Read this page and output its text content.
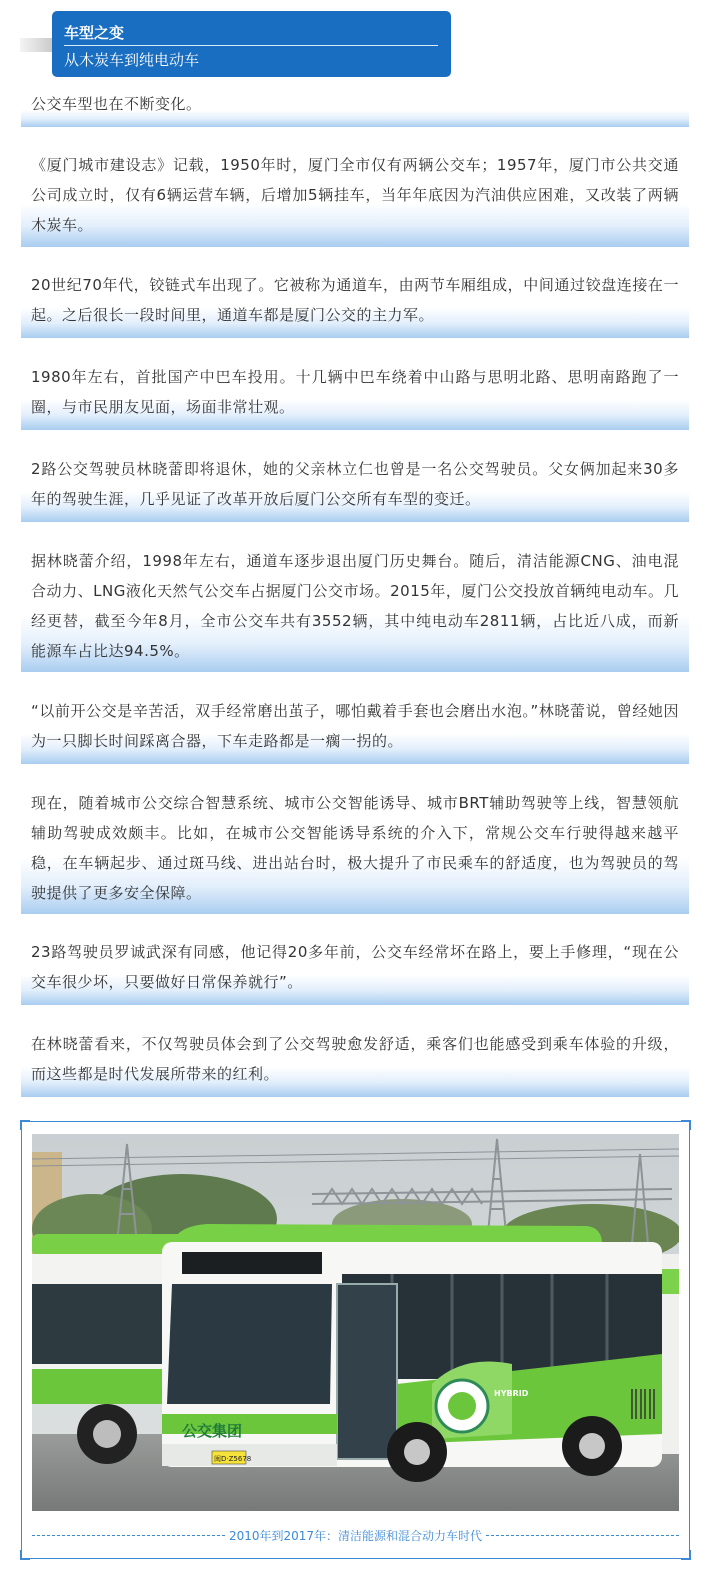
车型之变
从木炭车到纯电动车

公交车型也在不断变化。

《厦门城市建设志》记载，1950年时，厦门全市仅有两辆公交车；1957年，厦门市公共交通公司成立时，仅有6辆运营车辆，后增加5辆挂车，当年年底因为汽油供应困难，又改装了两辆木炭车。

20世纪70年代，铰链式车出现了。它被称为通道车，由两节车厢组成，中间通过铰盘连接在一起。之后很长一段时间里，通道车都是厦门公交的主力军。

1980年左右，首批国产中巴车投用。十几辆中巴车绕着中山路与思明北路、思明南路跑了一圈，与市民朋友见面，场面非常壮观。

2路公交驾驶员林晓蕾即将退休，她的父亲林立仁也曾是一名公交驾驶员。父女俩加起来30多年的驾驶生涯，几乎见证了改革开放后厦门公交所有车型的变迁。

据林晓蕾介绍，1998年左右，通道车逐步退出厦门历史舞台。随后，清洁能源CNG、油电混合动力、LNG液化天然气公交车占据厦门公交市场。2015年，厦门公交投放首辆纯电动车。几经更替，截至今年8月，全市公交车共有3552辆，其中纯电动车2811辆，占比近八成，而新能源车占比达94.5%。

“以前开公交是辛苦活，双手经常磨出茧子，哪怕戴着手套也会磨出水泡。”林晓蕾说，曾经她因为一只脚长时间踩离合器，下车走路都是一瘸一拐的。

现在，随着城市公交综合智慧系统、城市公交智能诱导、城市BRT辅助驾驶等上线，智慧领航辅助驾驶成效颇丰。比如，在城市公交智能诱导系统的介入下，常规公交车行驶得越来越平稳，在车辆起步、通过斑马线、进出站台时，极大提升了市民乘车的舒适度，也为驾驶员的驾驶提供了更多安全保障。

23路驾驶员罗诚武深有同感，他记得20多年前，公交车经常坏在路上，要上手修理，“现在公交车很少坏，只要做好日常保养就行”。

在林晓蕾看来，不仅驾驶员体会到了公交驾驶愈发舒适，乘客们也能感受到乘车体验的升级，而这些都是时代发展所带来的红利。

公交集团
闽D·Z5678
HYBRID
2010年到2017年：清洁能源和混合动力车时代
